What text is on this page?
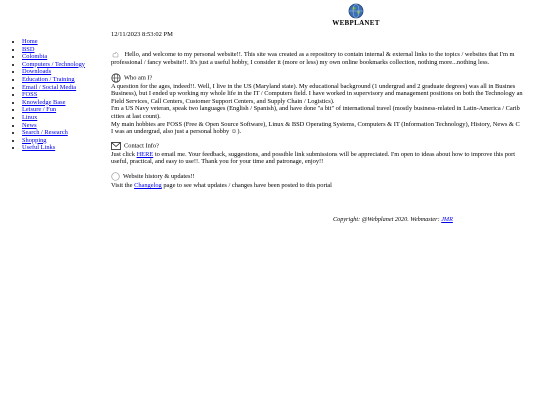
WEBPLANET
12/11/2023 8:53:02 PM
• Home
• BSD
• Colombia
• Computers / Technology
• Downloads
• Education / Training
• Email / Social Media
• FOSS
• Knowledge Base
• Leisure / Fun
• Linux
• News
• Search / Research
• Shopping
• Useful Links
Hello, and welcome to my personal website!!. This site was created as a repository to contain internal & external links to the topics / websites that I'm m
professional / fancy website!!. It's just a useful hobby, I consider it (more or less) my own online bookmarks collection, nothing more...nothing less.
Who am I?
A question for the ages, indeed!!. Well, I live in the US (Maryland state). My educational background (1 undergrad and 2 graduate degrees) was all in Busines
Business), but I ended up working my whole life in the IT / Computers field. I have worked in supervisory and management positions on both the Technology an
Field Services, Call Centers, Customer Support Centers, and Supply Chain / Logistics).
I'm a US Navy veteran, speak two languages (English / Spanish), and have done "a bit" of international travel (mostly business-related in Latin-America / Carib
cities at last count).
My main hobbies are FOSS (Free & Open Source Software), Linux & BSD Operating Systems, Computers & IT (Information Technology), History, News & C
I was an undergrad, also just a personal hobby ☺).
Contact Info?
Just click HERE to email me. Your feedback, suggestions, and possible link submissions will be appreciated. I'm open to ideas about how to improve this port
useful, practical, and easy to use!!. Thank you for your time and patronage, enjoy!!
Website history & updates!!
Visit the Changelog page to see what updates / changes have been posted to this portal
Copyright: @Webplanet 2020. Webmaster: JMR
